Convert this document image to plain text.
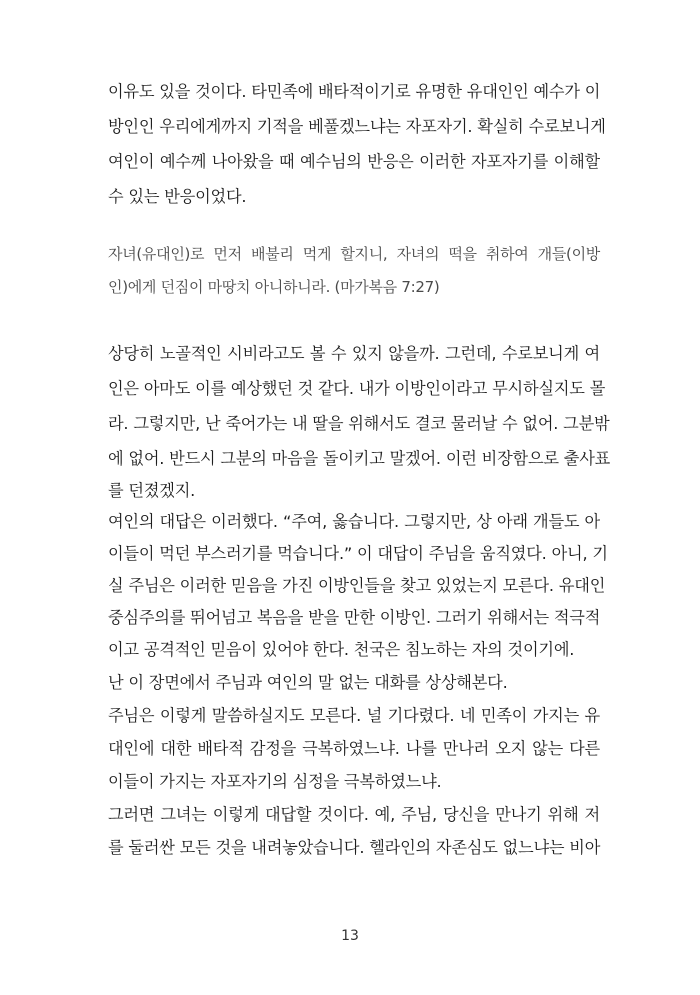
이유도 있을 것이다. 타민족에 배타적이기로 유명한 유대인인 예수가 이
방인인 우리에게까지 기적을 베풀겠느냐는 자포자기. 확실히 수로보니게
여인이 예수께 나아왔을 때 예수님의 반응은 이러한 자포자기를 이해할
수 있는 반응이었다.
자녀(유대인)로 먼저 배불리 먹게 할지니, 자녀의 떡을 취하여 개들(이방
인)에게 던짐이 마땅치 아니하니라. (마가복음 7:27)
상당히 노골적인 시비라고도 볼 수 있지 않을까. 그런데, 수로보니게 여
인은 아마도 이를 예상했던 것 같다. 내가 이방인이라고 무시하실지도 몰
라. 그렇지만, 난 죽어가는 내 딸을 위해서도 결코 물러날 수 없어. 그분밖
에 없어. 반드시 그분의 마음을 돌이키고 말겠어. 이런 비장함으로 출사표
를 던졌겠지.
여인의 대답은 이러했다. “주여, 옳습니다. 그렇지만, 상 아래 개들도 아
이들이 먹던 부스러기를 먹습니다.” 이 대답이 주님을 움직였다. 아니, 기
실 주님은 이러한 믿음을 가진 이방인들을 찾고 있었는지 모른다. 유대인
중심주의를 뛰어넘고 복음을 받을 만한 이방인. 그러기 위해서는 적극적
이고 공격적인 믿음이 있어야 한다. 천국은 침노하는 자의 것이기에.
난 이 장면에서 주님과 여인의 말 없는 대화를 상상해본다.
주님은 이렇게 말씀하실지도 모른다. 널 기다렸다. 네 민족이 가지는 유
대인에 대한 배타적 감정을 극복하였느냐. 나를 만나러 오지 않는 다른
이들이 가지는 자포자기의 심정을 극복하였느냐.
그러면 그녀는 이렇게 대답할 것이다. 예, 주님, 당신을 만나기 위해 저
를 둘러싼 모든 것을 내려놓았습니다. 헬라인의 자존심도 없느냐는 비아
13
